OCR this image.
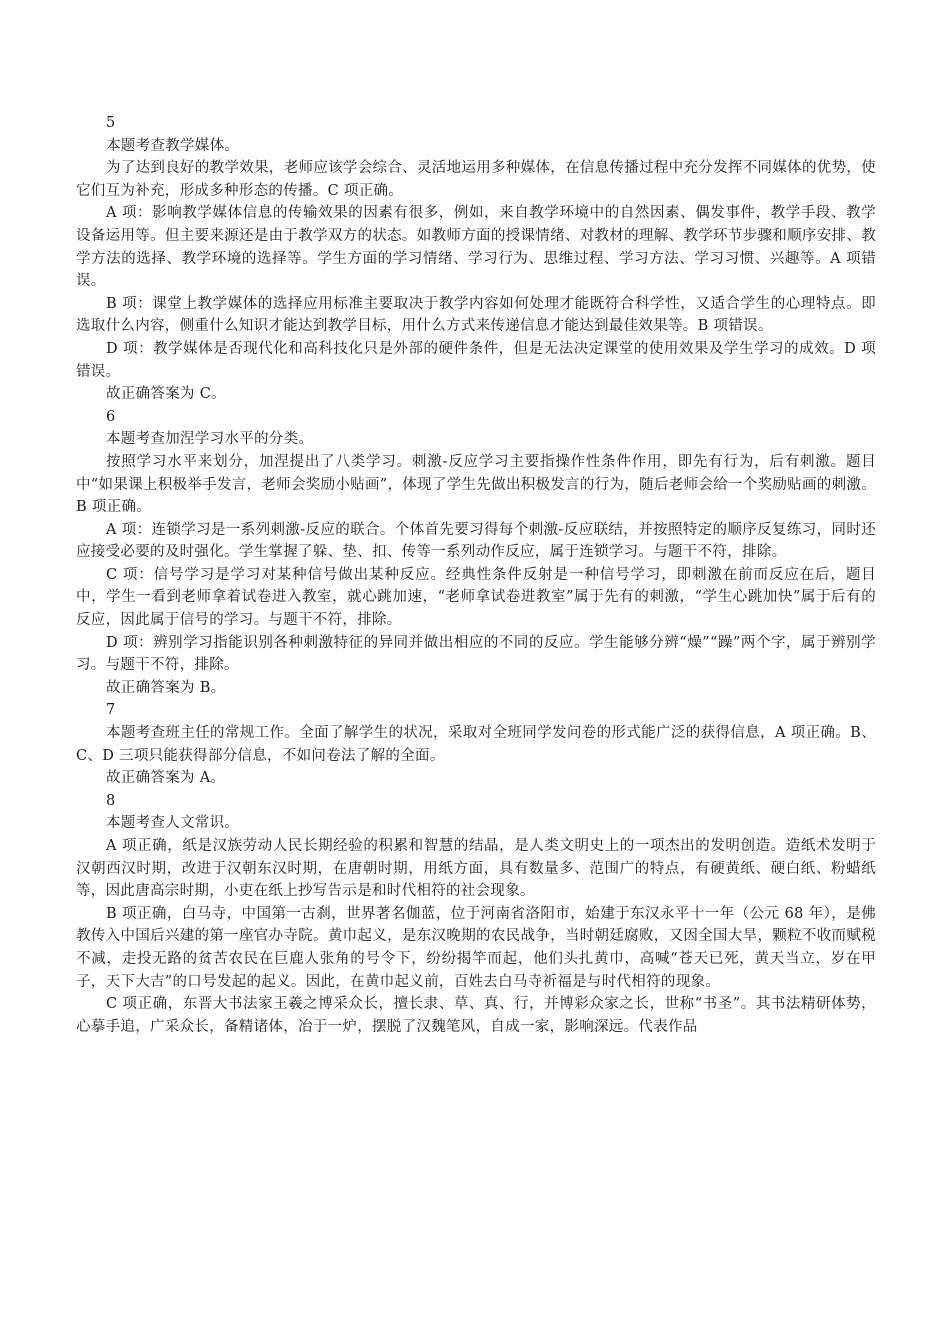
5

本题考查教学媒体。

为了达到良好的教学效果，老师应该学会综合、灵活地运用多种媒体，在信息传播过程中充分发挥不同媒体的优势，使它们互为补充，形成多种形态的传播。C 项正确。

A 项：影响教学媒体信息的传输效果的因素有很多，例如，来自教学环境中的自然因素、偶发事件，教学手段、教学设备运用等。但主要来源还是由于教学双方的状态。如教师方面的授课情绪、对教材的理解、教学环节步骤和顺序安排、教学方法的选择、教学环境的选择等。学生方面的学习情绪、学习行为、思维过程、学习方法、学习习惯、兴趣等。A 项错误。

B 项：课堂上教学媒体的选择应用标准主要取决于教学内容如何处理才能既符合科学性，又适合学生的心理特点。即选取什么内容，侧重什么知识才能达到教学目标，用什么方式来传递信息才能达到最佳效果等。B 项错误。

D 项：教学媒体是否现代化和高科技化只是外部的硬件条件，但是无法决定课堂的使用效果及学生学习的成效。D 项错误。

故正确答案为 C。

6

本题考查加涅学习水平的分类。

按照学习水平来划分，加涅提出了八类学习。刺激-反应学习主要指操作性条件作用，即先有行为，后有刺激。题目中“如果课上积极举手发言，老师会奖励小贴画”，体现了学生先做出积极发言的行为，随后老师会给一个奖励贴画的刺激。B 项正确。

A 项：连锁学习是一系列刺激-反应的联合。个体首先要习得每个刺激-反应联结，并按照特定的顺序反复练习，同时还应接受必要的及时强化。学生掌握了躲、垫、扣、传等一系列动作反应，属于连锁学习。与题干不符，排除。

C 项：信号学习是学习对某种信号做出某种反应。经典性条件反射是一种信号学习，即刺激在前而反应在后，题目中，学生一看到老师拿着试卷进入教室，就心跳加速，“老师拿试卷进教室”属于先有的刺激，“学生心跳加快”属于后有的反应，因此属于信号的学习。与题干不符，排除。

D 项：辨别学习指能识别各种刺激特征的异同并做出相应的不同的反应。学生能够分辨“燥”“躁”两个字，属于辨别学习。与题干不符，排除。

故正确答案为 B。

7

本题考查班主任的常规工作。全面了解学生的状况，采取对全班同学发问卷的形式能广泛的获得信息，A 项正确。B、C、D 三项只能获得部分信息，不如问卷法了解的全面。

故正确答案为 A。

8

本题考查人文常识。

A 项正确，纸是汉族劳动人民长期经验的积累和智慧的结晶，是人类文明史上的一项杰出的发明创造。造纸术发明于汉朝西汉时期，改进于汉朝东汉时期，在唐朝时期，用纸方面，具有数量多、范围广的特点，有硬黄纸、硬白纸、粉蜡纸等，因此唐高宗时期，小吏在纸上抄写告示是和时代相符的社会现象。

B 项正确，白马寺，中国第一古刹，世界著名伽蓝，位于河南省洛阳市，始建于东汉永平十一年（公元 68 年），是佛教传入中国后兴建的第一座官办寺院。黄巾起义，是东汉晚期的农民战争，当时朝廷腐败，又因全国大旱，颗粒不收而赋税不减，走投无路的贫苦农民在巨鹿人张角的号令下，纷纷揭竿而起，他们头扎黄巾，高喊“苍天已死，黄天当立，岁在甲子，天下大吉”的口号发起的起义。因此，在黄巾起义前，百姓去白马寺祈福是与时代相符的现象。

C 项正确，东晋大书法家王羲之博采众长，擅长隶、草、真、行，并博彩众家之长，世称“书圣”。其书法精研体势，心摹手追，广采众长，备精诸体，冶于一炉，摆脱了汉魏笔风，自成一家，影响深远。代表作品
